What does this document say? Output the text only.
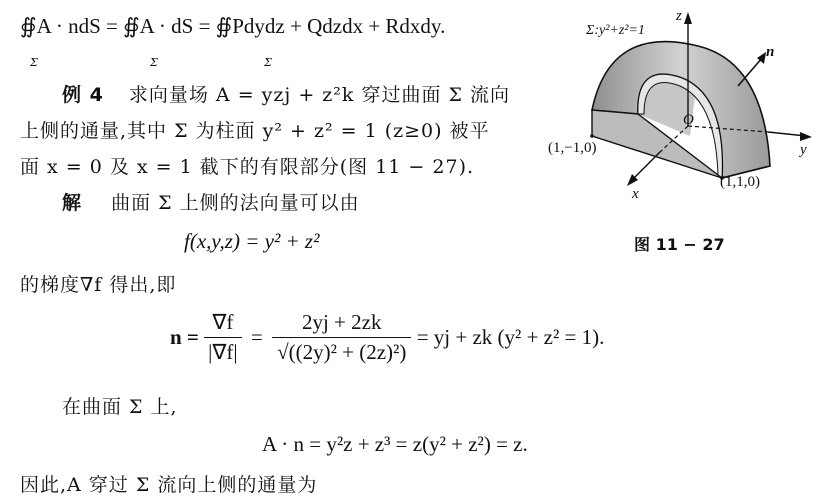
∯A · ndS = ∯A · dS = ∯Pdydz + Qdzdx + Rdxdy.
Σ	Σ	Σ
例 4 求向量场 A = yzj + z²k 穿过曲面 Σ 流向
上侧的通量,其中 Σ 为柱面 y² + z² = 1 (z≥0) 被平
面 x = 0 及 x = 1 截下的有限部分(图 11 − 27).
解 曲面 Σ 上侧的法向量可以由
f(x,y,z) = y² + z²
的梯度∇f 得出,即
$n = \frac{\nabla f}{|\nabla f|} = \frac{2yj + 2zk}{\text{√((2y)² + (2z)²)}}$ = yj + zk (y² + z² = 1).
在曲面 Σ 上,
A · n = y²z + z³ = z(y² + z²) = z.
因此,A 穿过 Σ 流向上侧的通量为
Σ:y²+z²=1
z
y
x
O
n
(1,−1,0)
(1,1,0)
图 11 − 27
